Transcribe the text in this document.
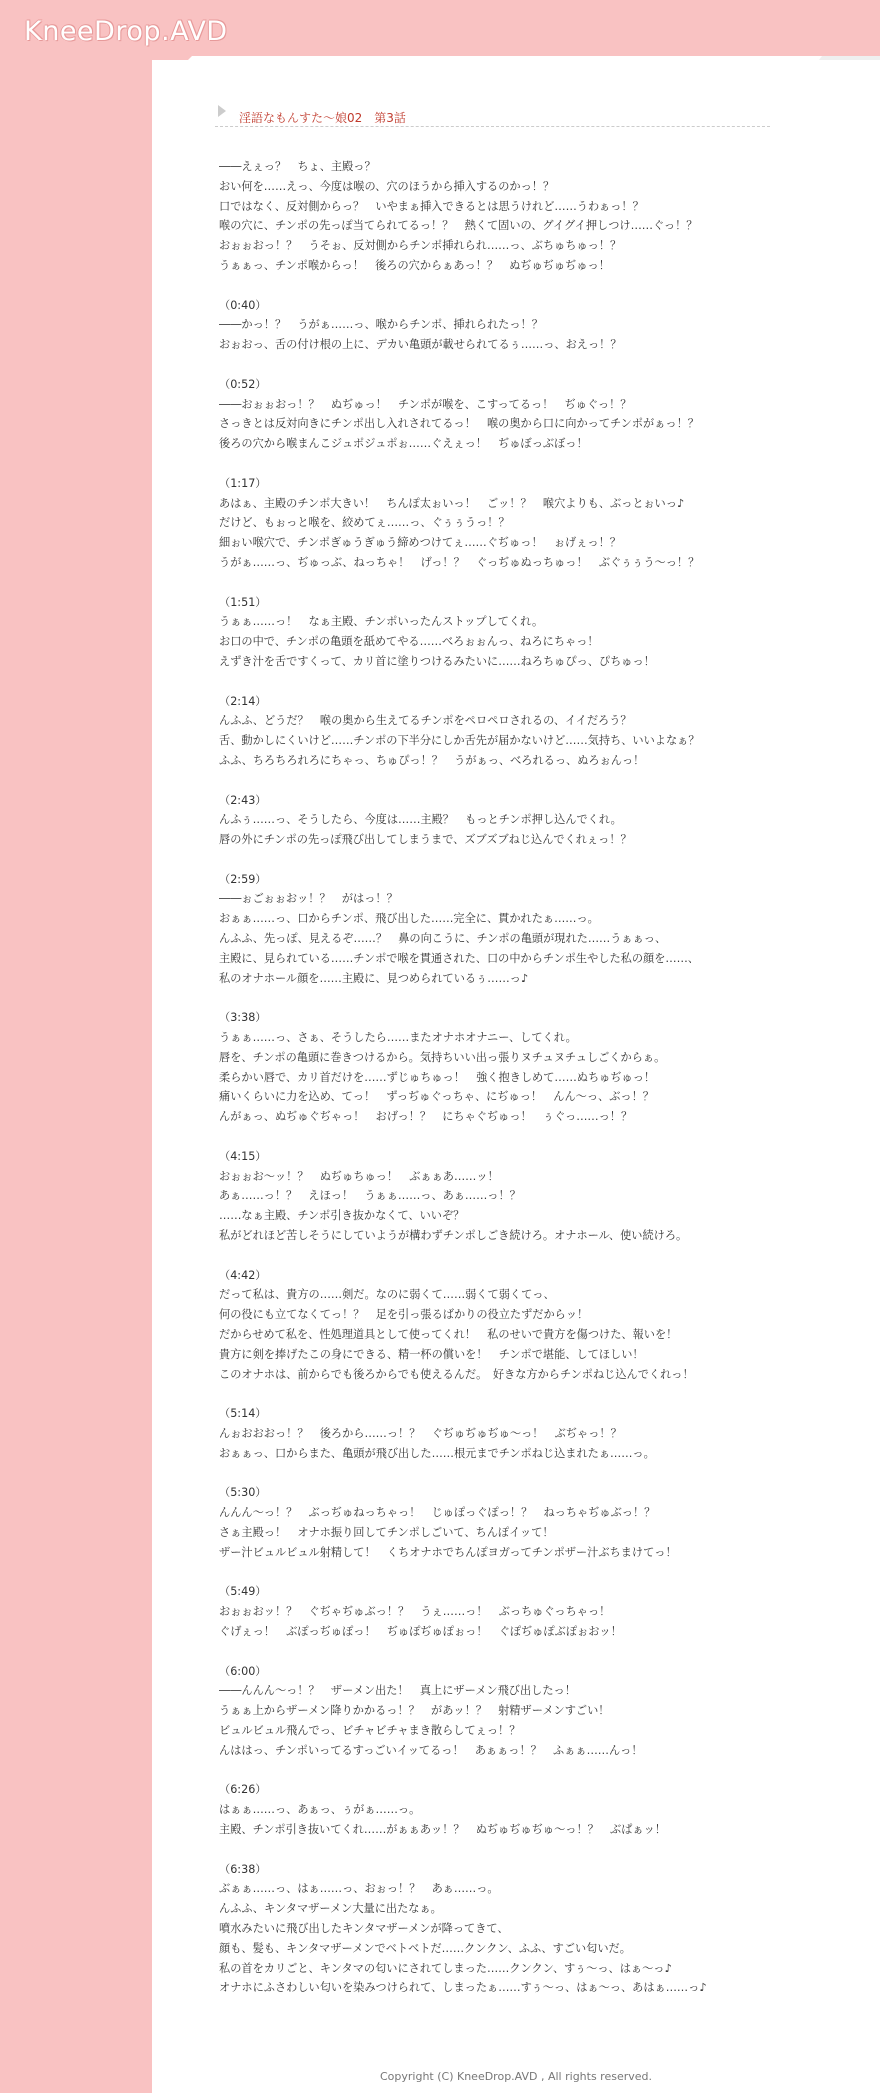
KneeDrop.AVD
淫語なもんすた～娘02　第3話
――えぇっ？　ちょ、主殿っ？
おい何を……えっ、今度は喉の、穴のほうから挿入するのかっ！？
口ではなく、反対側からっ？　いやまぁ挿入できるとは思うけれど……うわぁっ！？
喉の穴に、チンポの先っぽ当てられてるっ！？　熱くて固いの、グイグイ押しつけ……ぐっ！？
おぉぉおっ！？　うそぉ、反対側からチンポ挿れられ……っ、ぶちゅちゅっ！？
うぁぁっ、チンポ喉からっ！　後ろの穴からぁあっ！？　ぬぢゅぢゅぢゅっ！
（0:40）
――かっ！？　うがぁ……っ、喉からチンポ、挿れられたっ！？
おぉおっ、舌の付け根の上に、デカい亀頭が載せられてるぅ……っ、おえっ！？
（0:52）
――おぉぉおっ！？　ぬぢゅっ！　チンポが喉を、こすってるっ！　ぢゅぐっ！？
さっきとは反対向きにチンポ出し入れされてるっ！　喉の奥から口に向かってチンポがぁっ！？
後ろの穴から喉まんこジュポジュポぉ……ぐえぇっ！　ぢゅぼっぶぼっ！
（1:17）
あはぁ、主殿のチンポ大きい！　ちんぽ太ぉいっ！　ごッ！？　喉穴よりも、ぶっとぉいっ♪
だけど、もぉっと喉を、絞めてぇ……っ、ぐぅぅうっ！？
細ぉい喉穴で、チンポぎゅうぎゅう締めつけてぇ……ぐぢゅっ！　ぉげぇっ！？
うがぁ……っ、ぢゅっぶ、ねっちゃ！　げっ！？　ぐっぢゅぬっちゅっ！　ぶぐぅぅう～っ！？
（1:51）
うぁぁ……っ！　なぁ主殿、チンポいったんストップしてくれ。
お口の中で、チンポの亀頭を舐めてやる……べろぉぉんっ、ねろにちゃっ！
えずき汁を舌ですくって、カリ首に塗りつけるみたいに……ねろちゅぴっ、ぴちゅっ！
（2:14）
んふふ、どうだ？　喉の奥から生えてるチンポをペロペロされるの、イイだろう？
舌、動かしにくいけど……チンポの下半分にしか舌先が届かないけど……気持ち、いいよなぁ？
ふふ、ちろちろれろにちゃっ、ちゅぴっ！？　うがぁっ、べろれるっ、ぬろぉんっ！
（2:43）
んふぅ……っ、そうしたら、今度は……主殿？　もっとチンポ押し込んでくれ。
唇の外にチンポの先っぽ飛び出してしまうまで、ズブズブねじ込んでくれぇっ！？
（2:59）
――ぉごぉぉおッ！？　がはっ！？
おぁぁ……っ、口からチンポ、飛び出した……完全に、貫かれたぁ……っ。
んふふ、先っぽ、見えるぞ……？　鼻の向こうに、チンポの亀頭が現れた……うぁぁっ、
主殿に、見られている……チンポで喉を貫通された、口の中からチンポ生やした私の顔を……、
私のオナホール顔を……主殿に、見つめられているぅ……っ♪
（3:38）
うぁぁ……っ、さぁ、そうしたら……またオナホオナニー、してくれ。
唇を、チンポの亀頭に巻きつけるから。気持ちいい出っ張りヌチュヌチュしごくからぁ。
柔らかい唇で、カリ首だけを……ずじゅちゅっ！　強く抱きしめて……ぬちゅぢゅっ！
痛いくらいに力を込め、てっ！　ずっぢゅぐっちゃ、にぢゅっ！　んん～っ、ぶっ！？
んがぁっ、ぬぢゅぐぢゃっ！　おげっ！？　にちゃぐぢゅっ！　ぅぐっ……っ！？
（4:15）
おぉぉお～ッ！？　ぬぢゅちゅっ！　ぶぁぁあ……ッ！
あぁ……っ！？　えほっ！　うぁぁ……っ、あぁ……っ！？
……なぁ主殿、チンポ引き抜かなくて、いいぞ？
私がどれほど苦しそうにしていようが構わずチンポしごき続けろ。オナホール、使い続けろ。
（4:42）
だって私は、貴方の……剣だ。なのに弱くて……弱くて弱くてっ、
何の役にも立てなくてっ！？　足を引っ張るばかりの役立たずだからッ！
だからせめて私を、性処理道具として使ってくれ！　私のせいで貴方を傷つけた、報いを！
貴方に剣を捧げたこの身にできる、精一杯の償いを！　チンポで堪能、してほしい！
このオナホは、前からでも後ろからでも使えるんだ。　好きな方からチンポねじ込んでくれっ！
（5:14）
んぉおおおっ！？　後ろから……っ！？　ぐぢゅぢゅぢゅ～っ！　ぶぢゃっ！？
おぁぁっ、口からまた、亀頭が飛び出した……根元までチンポねじ込まれたぁ……っ。
（5:30）
んんん～っ！？　ぶっぢゅねっちゃっ！　じゅぽっぐぽっ！？　ねっちゃぢゅぶっ！？
さぁ主殿っ！　オナホ振り回してチンポしごいて、ちんぽイッて！
ザー汁ビュルビュル射精して！　くちオナホでちんぽヨガってチンポザー汁ぶちまけてっ！
（5:49）
おぉぉおッ！？　ぐぢゃぢゅぶっ！？　うぇ……っ！　ぶっちゅぐっちゃっ！
ぐげぇっ！　ぶぽっぢゅぽっ！　ぢゅぽぢゅぽぉっ！　ぐぽぢゅぽぶぽぉおッ！
（6:00）
――んんん～っ！？　ザーメン出た！　真上にザーメン飛び出したっ！
うぁぁ上からザーメン降りかかるっ！？　があッ！？　射精ザーメンすごい！
ビュルビュル飛んでっ、ビチャビチャまき散らしてぇっ！？
んははっ、チンポいってるすっごいイッてるっ！　あぁぁっ！？　ふぁぁ……んっ！
（6:26）
はぁぁ……っ、あぁっ、ぅがぁ……っ。
主殿、チンポ引き抜いてくれ……がぁぁあッ！？　ぬぢゅぢゅぢゅ～っ！？　ぶぱぁッ！
（6:38）
ぶぁぁ……っ、はぁ……っ、おぉっ！？　あぁ……っ。
んふふ、キンタマザーメン大量に出たなぁ。
噴水みたいに飛び出したキンタマザーメンが降ってきて、
顔も、髪も、キンタマザーメンでベトベトだ……クンクン、ふふ、すごい匂いだ。
私の首をカリごと、キンタマの匂いにされてしまった……クンクン、すぅ～っ、はぁ～っ♪
オナホにふさわしい匂いを染みつけられて、しまったぁ……すぅ～っ、はぁ～っ、あはぁ……っ♪
Copyright (C) KneeDrop.AVD , All rights reserved.
